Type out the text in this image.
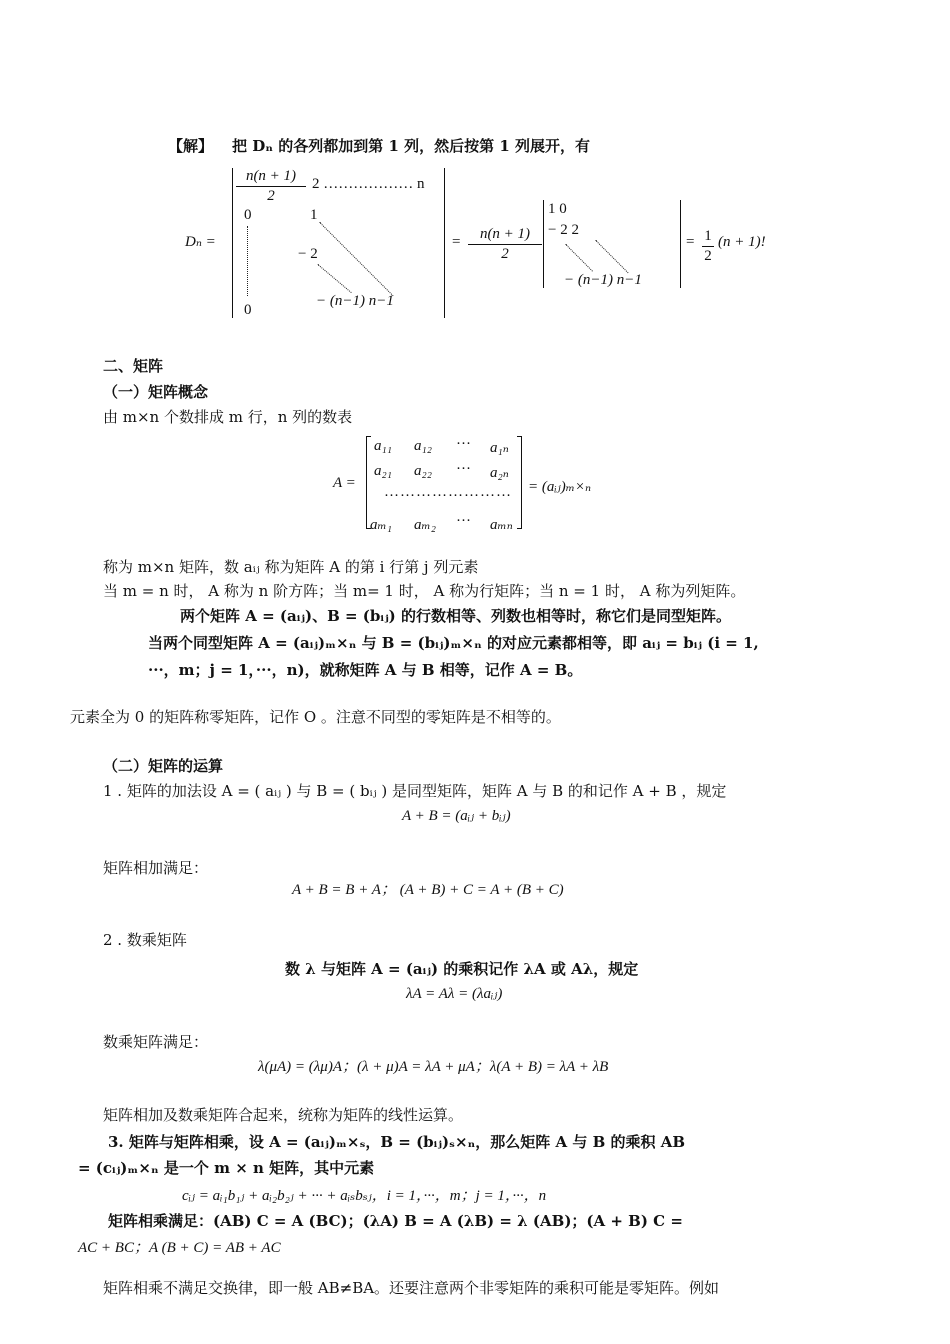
【解】 把 Dₙ 的各列都加到第 1 列，然后按第 1 列展开，有
Dₙ =
n(n + 1)
2
2 ……………… n
0	1
− 2
0
− (n−1) n−1
=	n(n + 1)
2
1 0
− 2 2
− (n−1) n−1
= 1
2
(n + 1)!
二、矩阵
（一）矩阵概念
由 m×n 个数排成 m 行，n 列的数表
A =
a₁₁ a₁₂ ··· a₁ₙ
a₂₁ a₂₂ ··· a₂ₙ
……………………
aₘ₁ aₘ₂ ··· aₘₙ
= (aᵢⱼ)ₘ×ₙ
称为 m×n 矩阵，数 aᵢⱼ 称为矩阵 A 的第 i 行第 j 列元素
当 m = n 时， A 称为 n 阶方阵；当 m= 1 时， A 称为行矩阵；当 n = 1 时， A 称为列矩阵。
两个矩阵 A = (aᵢⱼ)、B = (bᵢⱼ) 的行数相等、列数也相等时，称它们是同型矩阵。
当两个同型矩阵 A = (aᵢⱼ)ₘ×ₙ 与 B = (bᵢⱼ)ₘ×ₙ 的对应元素都相等，即 aᵢⱼ = bᵢⱼ (i = 1,
···，m；j = 1，···，n)，就称矩阵 A 与 B 相等，记作 A = B。
元素全为 0 的矩阵称零矩阵，记作 O 。注意不同型的零矩阵是不相等的。
（二）矩阵的运算
1 . 矩阵的加法设 A = ( aᵢⱼ ) 与 B = ( bᵢⱼ ) 是同型矩阵，矩阵 A 与 B 的和记作 A + B ，规定
A + B = (aᵢⱼ + bᵢⱼ)
矩阵相加满足：
A + B = B + A； (A + B) + C = A + (B + C)
2 . 数乘矩阵
数 λ 与矩阵 A = (aᵢⱼ) 的乘积记作 λA 或 Aλ，规定
λA = Aλ = (λaᵢⱼ)
数乘矩阵满足：
λ(μA) = (λμ)A；(λ + μ)A = λA + μA；λ(A + B) = λA + λB
矩阵相加及数乘矩阵合起来，统称为矩阵的线性运算。
3. 矩阵与矩阵相乘，设 A = (aᵢⱼ)ₘ×ₛ，B = (bᵢⱼ)ₛ×ₙ，那么矩阵 A 与 B 的乘积 AB
= (cᵢⱼ)ₘ×ₙ 是一个 m × n 矩阵，其中元素
cᵢⱼ = aᵢ₁b₁ⱼ + aᵢ₂b₂ⱼ + ··· + aᵢₛbₛⱼ，i = 1，···，m；j = 1，···，n
矩阵相乘满足：(AB) C = A (BC)；(λA) B = A (λB) = λ (AB)；(A + B) C =
AC + BC；A (B + C) = AB + AC
矩阵相乘不满足交换律，即一般 AB≠BA。还要注意两个非零矩阵的乘积可能是零矩阵。例如
